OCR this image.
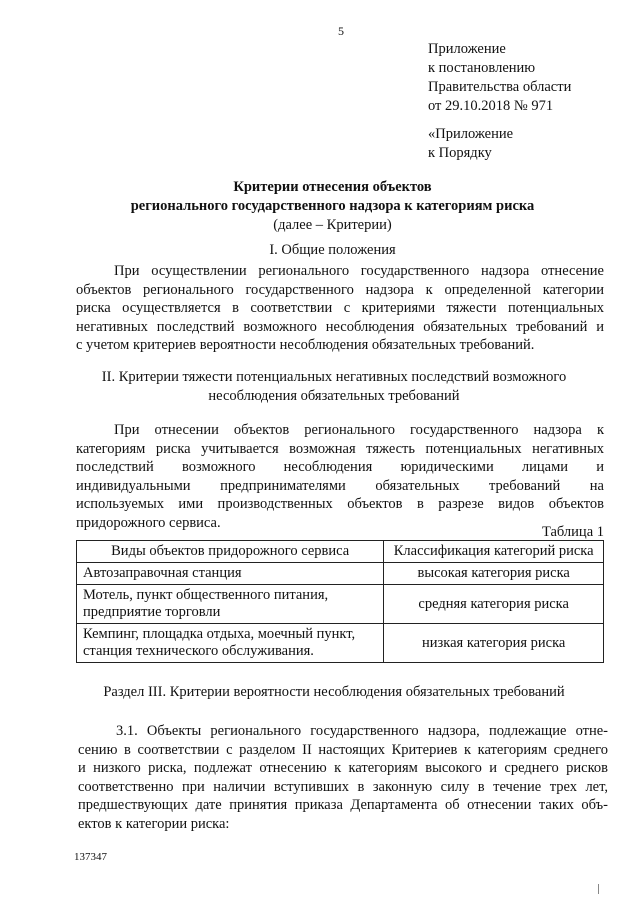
5
Приложение
к постановлению
Правительства области
от 29.10.2018 № 971
«Приложение
к Порядку
Критерии отнесения объектов
регионального государственного надзора к категориям риска
(далее – Критерии)
I. Общие положения
При осуществлении регионального государственного надзора отнесение
объектов регионального государственного надзора к определенной категории
риска осуществляется в соответствии с критериями тяжести потенциальных
негативных последствий возможного несоблюдения обязательных требований и
с учетом критериев вероятности несоблюдения обязательных требований.
II. Критерии тяжести потенциальных негативных последствий возможного
несоблюдения обязательных требований
При отнесении объектов регионального государственного надзора к
категориям риска учитывается возможная тяжесть потенциальных негативных
последствий возможного несоблюдения юридическими лицами и
индивидуальными предпринимателями обязательных требований на
используемых ими производственных объектов в разрезе видов объектов
придорожного сервиса.
Таблица 1
Виды объектов придорожного сервиса	Классификация категорий риска
Автозаправочная станция	высокая категория риска
Мотель, пункт общественного питания, предприятие торговли	средняя категория риска
Кемпинг, площадка отдыха, моечный пункт, станция технического обслуживания.	низкая категория риска
Раздел III. Критерии вероятности несоблюдения обязательных требований
3.1. Объекты регионального государственного надзора, подлежащие отне-
сению в соответствии с разделом II настоящих Критериев к категориям среднего
и низкого риска, подлежат отнесению к категориям высокого и среднего рисков
соответственно при наличии вступивших в законную силу в течение трех лет,
предшествующих дате принятия приказа Департамента об отнесении таких объ-
ектов к категории риска:
137347
